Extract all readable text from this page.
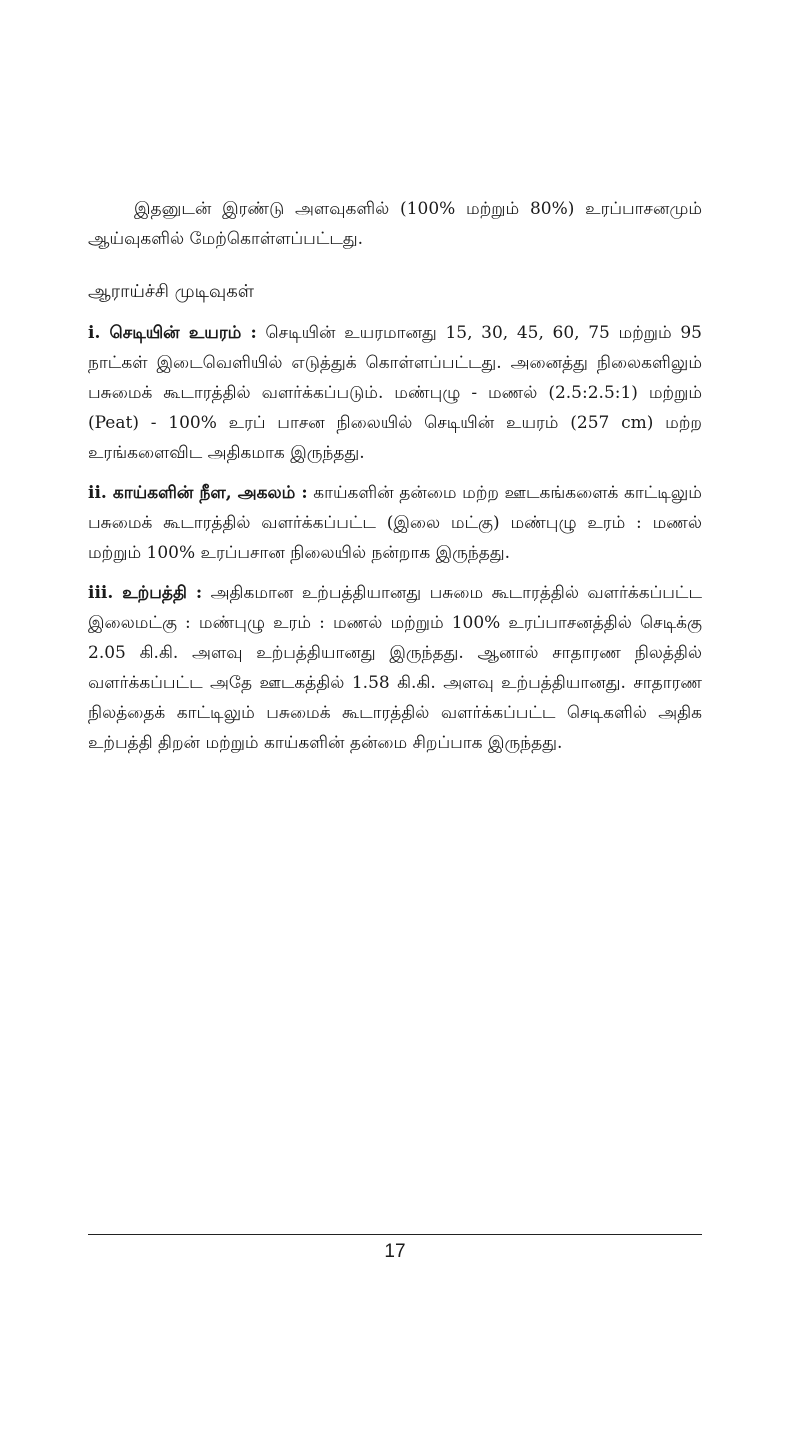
இதனுடன் இரண்டு அளவுகளில் (100% மற்றும் 80%) உரப்பாசனமும் ஆய்வுகளில் மேற்கொள்ளப்பட்டது.

ஆராய்ச்சி முடிவுகள்

i. செடியின் உயரம் : செடியின் உயரமானது 15, 30, 45, 60, 75 மற்றும் 95 நாட்கள் இடைவெளியில் எடுத்துக் கொள்ளப்பட்டது. அனைத்து நிலைகளிலும் பசுமைக் கூடாரத்தில் வளர்க்கப்படும். மண்புழு - மணல் (2.5:2.5:1) மற்றும் (Peat) - 100% உரப் பாசன நிலையில் செடியின் உயரம் (257 cm) மற்ற உரங்களைவிட அதிகமாக இருந்தது.

ii. காய்களின் நீள, அகலம் : காய்களின் தன்மை மற்ற ஊடகங்களைக் காட்டிலும் பசுமைக் கூடாரத்தில் வளர்க்கப்பட்ட (இலை மட்கு) மண்புழு உரம் : மணல் மற்றும் 100% உரப்பசான நிலையில் நன்றாக இருந்தது.

iii. உற்பத்தி : அதிகமான உற்பத்தியானது பசுமை கூடாரத்தில் வளர்க்கப்பட்ட இலைமட்கு : மண்புழு உரம் : மணல் மற்றும் 100% உரப்பாசனத்தில் செடிக்கு 2.05 கி.கி. அளவு உற்பத்தியானது இருந்தது. ஆனால் சாதாரண நிலத்தில் வளர்க்கப்பட்ட அதே ஊடகத்தில் 1.58 கி.கி. அளவு உற்பத்தியானது. சாதாரண நிலத்தைக் காட்டிலும் பசுமைக் கூடாரத்தில் வளர்க்கப்பட்ட செடிகளில் அதிக உற்பத்தி திறன் மற்றும் காய்களின் தன்மை சிறப்பாக இருந்தது.

17
